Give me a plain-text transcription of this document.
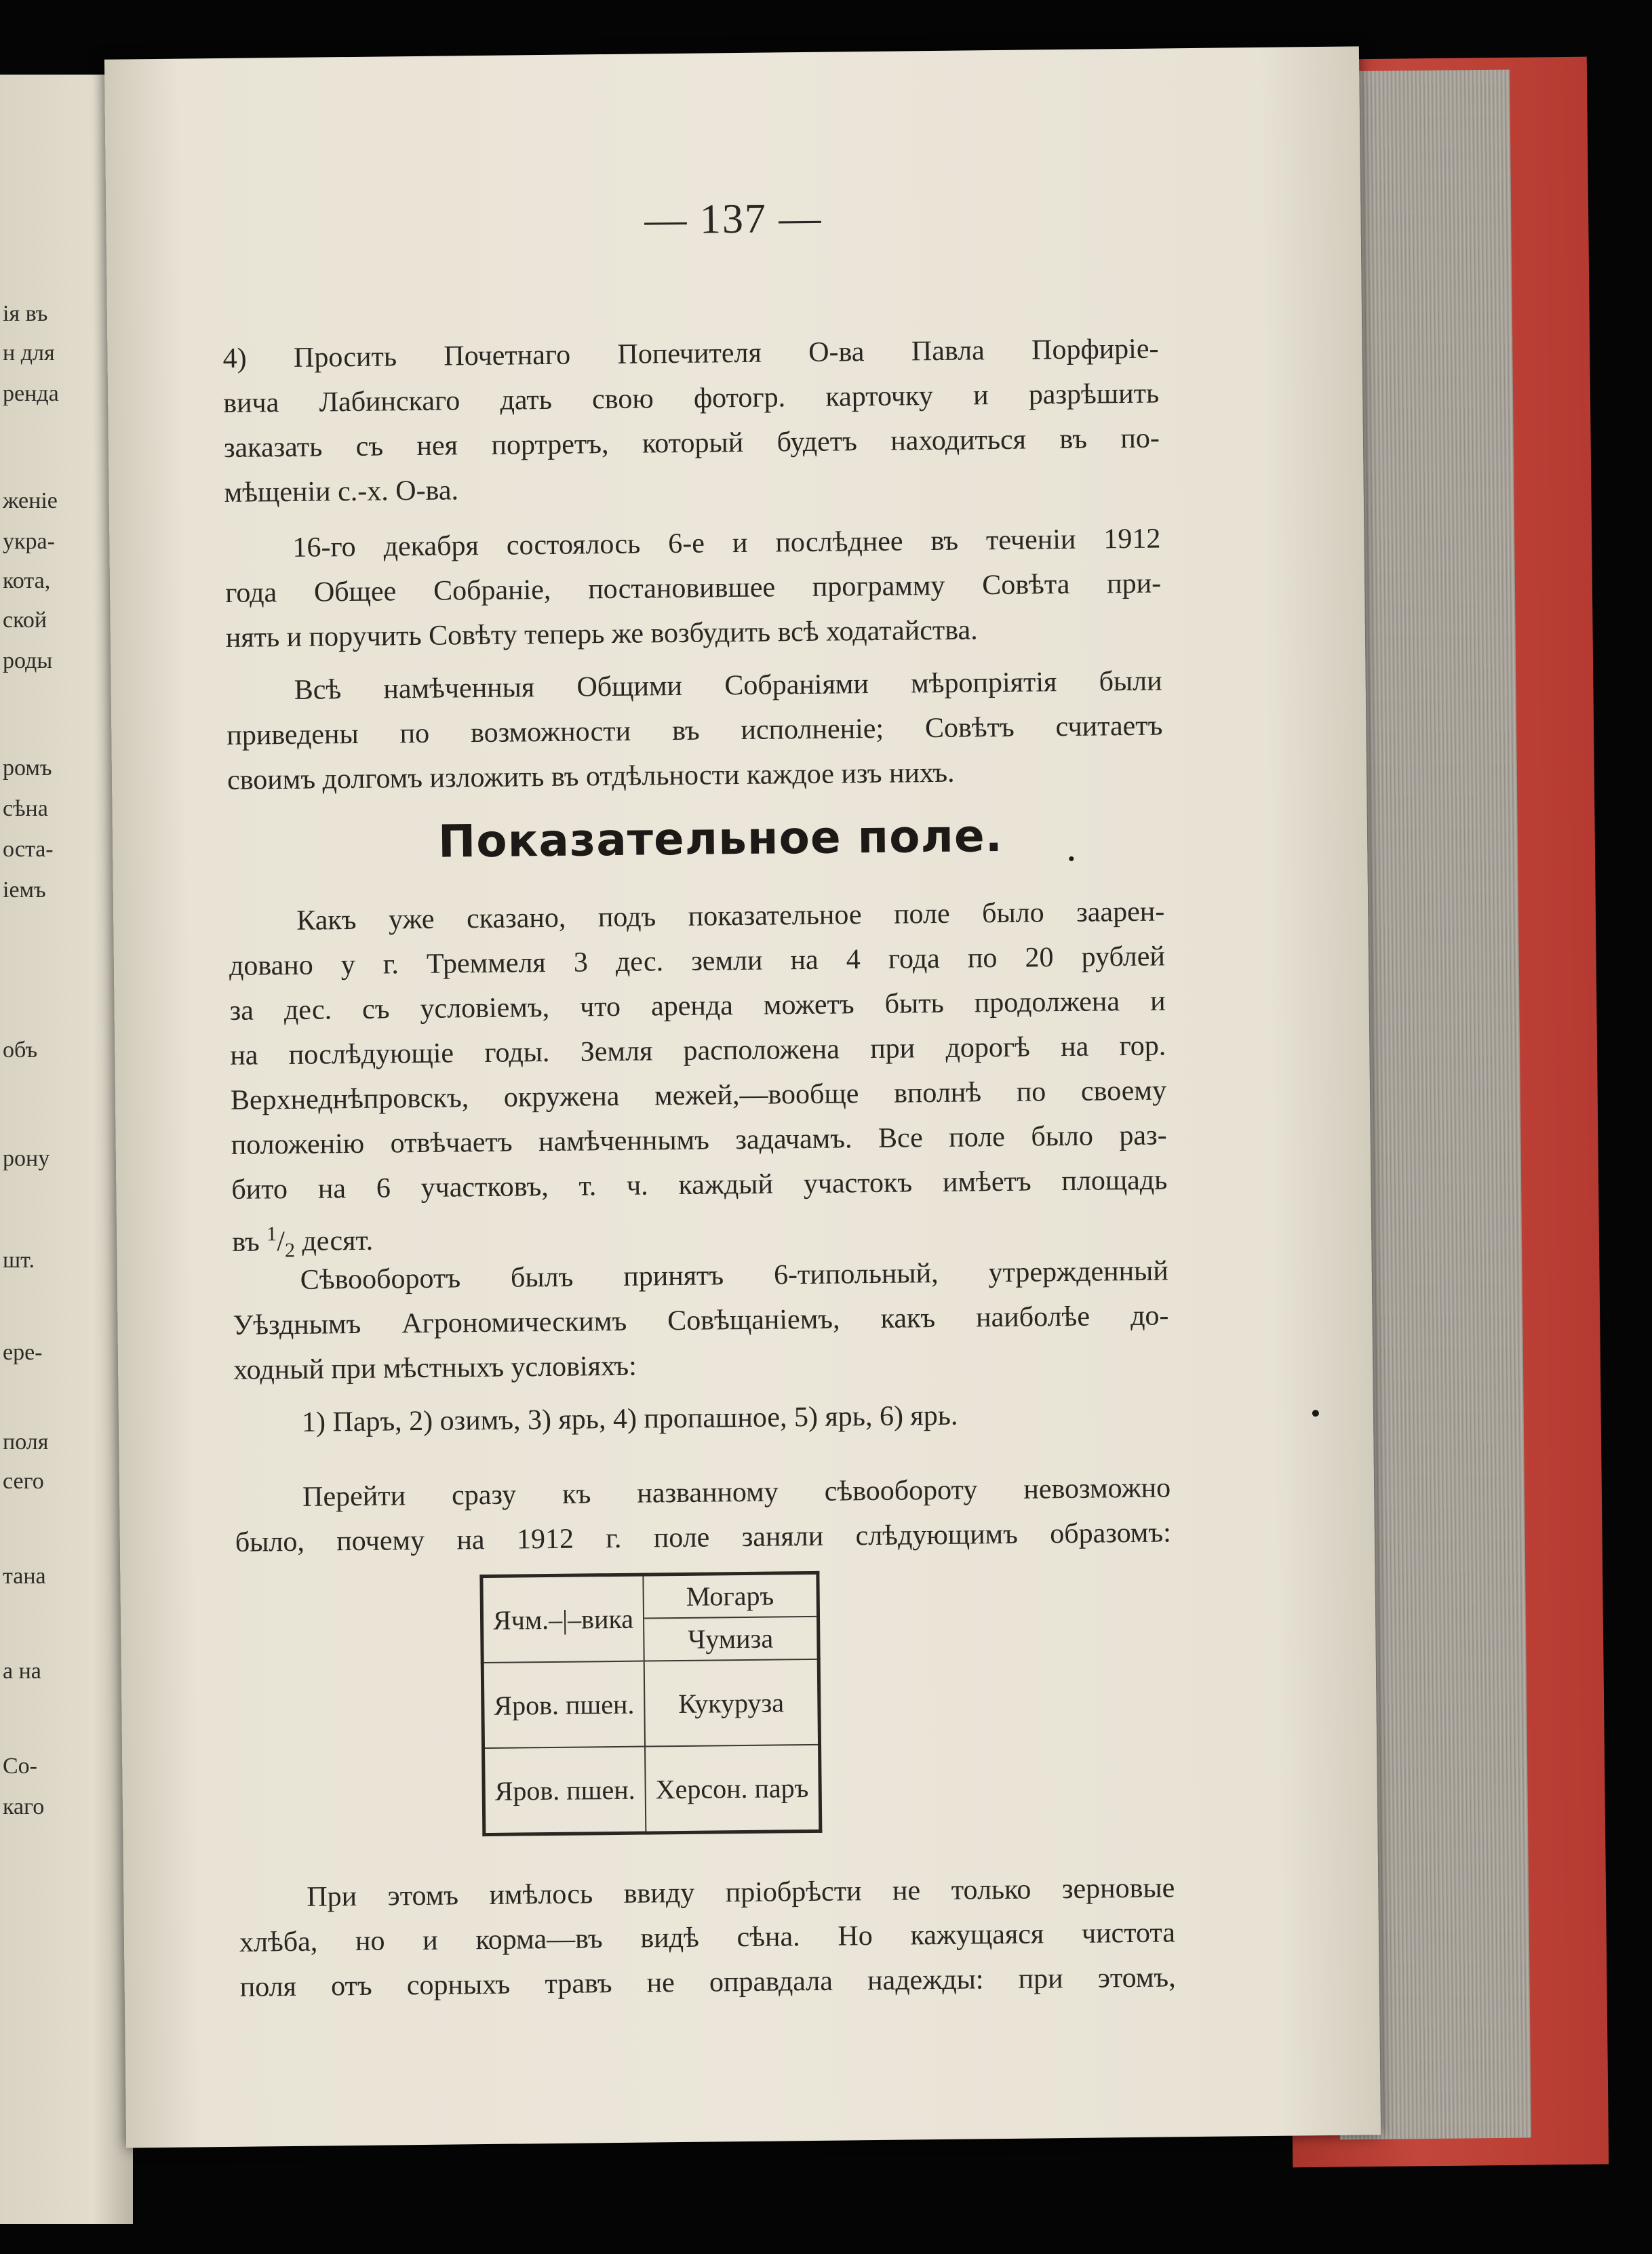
ія въ
н для
ренда
женіе
укра-
кота,
ской
роды
ромъ
сѣна
оста-
іемъ
объ
рону
шт.
ере-
поля
сего
тана
а на
Со-
каго
— 137 —
4) Просить Почетнаго Попечителя О-ва Павла Порфиріе-
вича Лабинскаго дать свою фотогр. карточку и разрѣшить
заказать съ нея портретъ, который будетъ находиться въ по-
мѣщеніи с.-х. О-ва.
16-го декабря состоялось 6-е и послѣднее въ теченіи 1912
года Общее Собраніе, постановившее программу Совѣта при-
нять и поручить Совѣту теперь же возбудить всѣ ходатайства.
Всѣ намѣченныя Общими Собраніями мѣропріятія были
приведены по возможности въ исполненіе; Совѣтъ считаетъ
своимъ долгомъ изложить въ отдѣльности каждое изъ нихъ.
Показательное поле.
Какъ уже сказано, подъ показательное поле было заарен-
довано у г. Треммеля 3 дес. земли на 4 года по 20 рублей
за дес. съ условіемъ, что аренда можетъ быть продолжена и
на послѣдующіе годы. Земля расположена при дорогѣ на гор.
Верхнеднѣпровскъ, окружена межей,—вообще вполнѣ по своему
положенію отвѣчаетъ намѣченнымъ задачамъ. Все поле было раз-
бито на 6 участковъ, т. ч. каждый участокъ имѣетъ площадь
въ $^1/_2$ десят.
Сѣвооборотъ былъ принятъ 6-типольный, утрержденный
Уѣзднымъ Агрономическимъ Совѣщаніемъ, какъ наиболѣе до-
ходный при мѣстныхъ условіяхъ:
1) Паръ, 2) озимъ, 3) ярь, 4) пропашное, 5) ярь, 6) ярь.
Перейти сразу къ названному сѣвообороту невозможно
было, почему на 1912 г. поле заняли слѣдующимъ образомъ:
Ячм.–|–вика	Могаръ
Чумиза

Яров. пшен.	Кукуруза
Яров. пшен.	Херсон. паръ
При этомъ имѣлось ввиду пріобрѣсти не только зерновые
хлѣба, но и корма—въ видѣ сѣна. Но кажущаяся чистота
поля отъ сорныхъ травъ не оправдала надежды: при этомъ,
